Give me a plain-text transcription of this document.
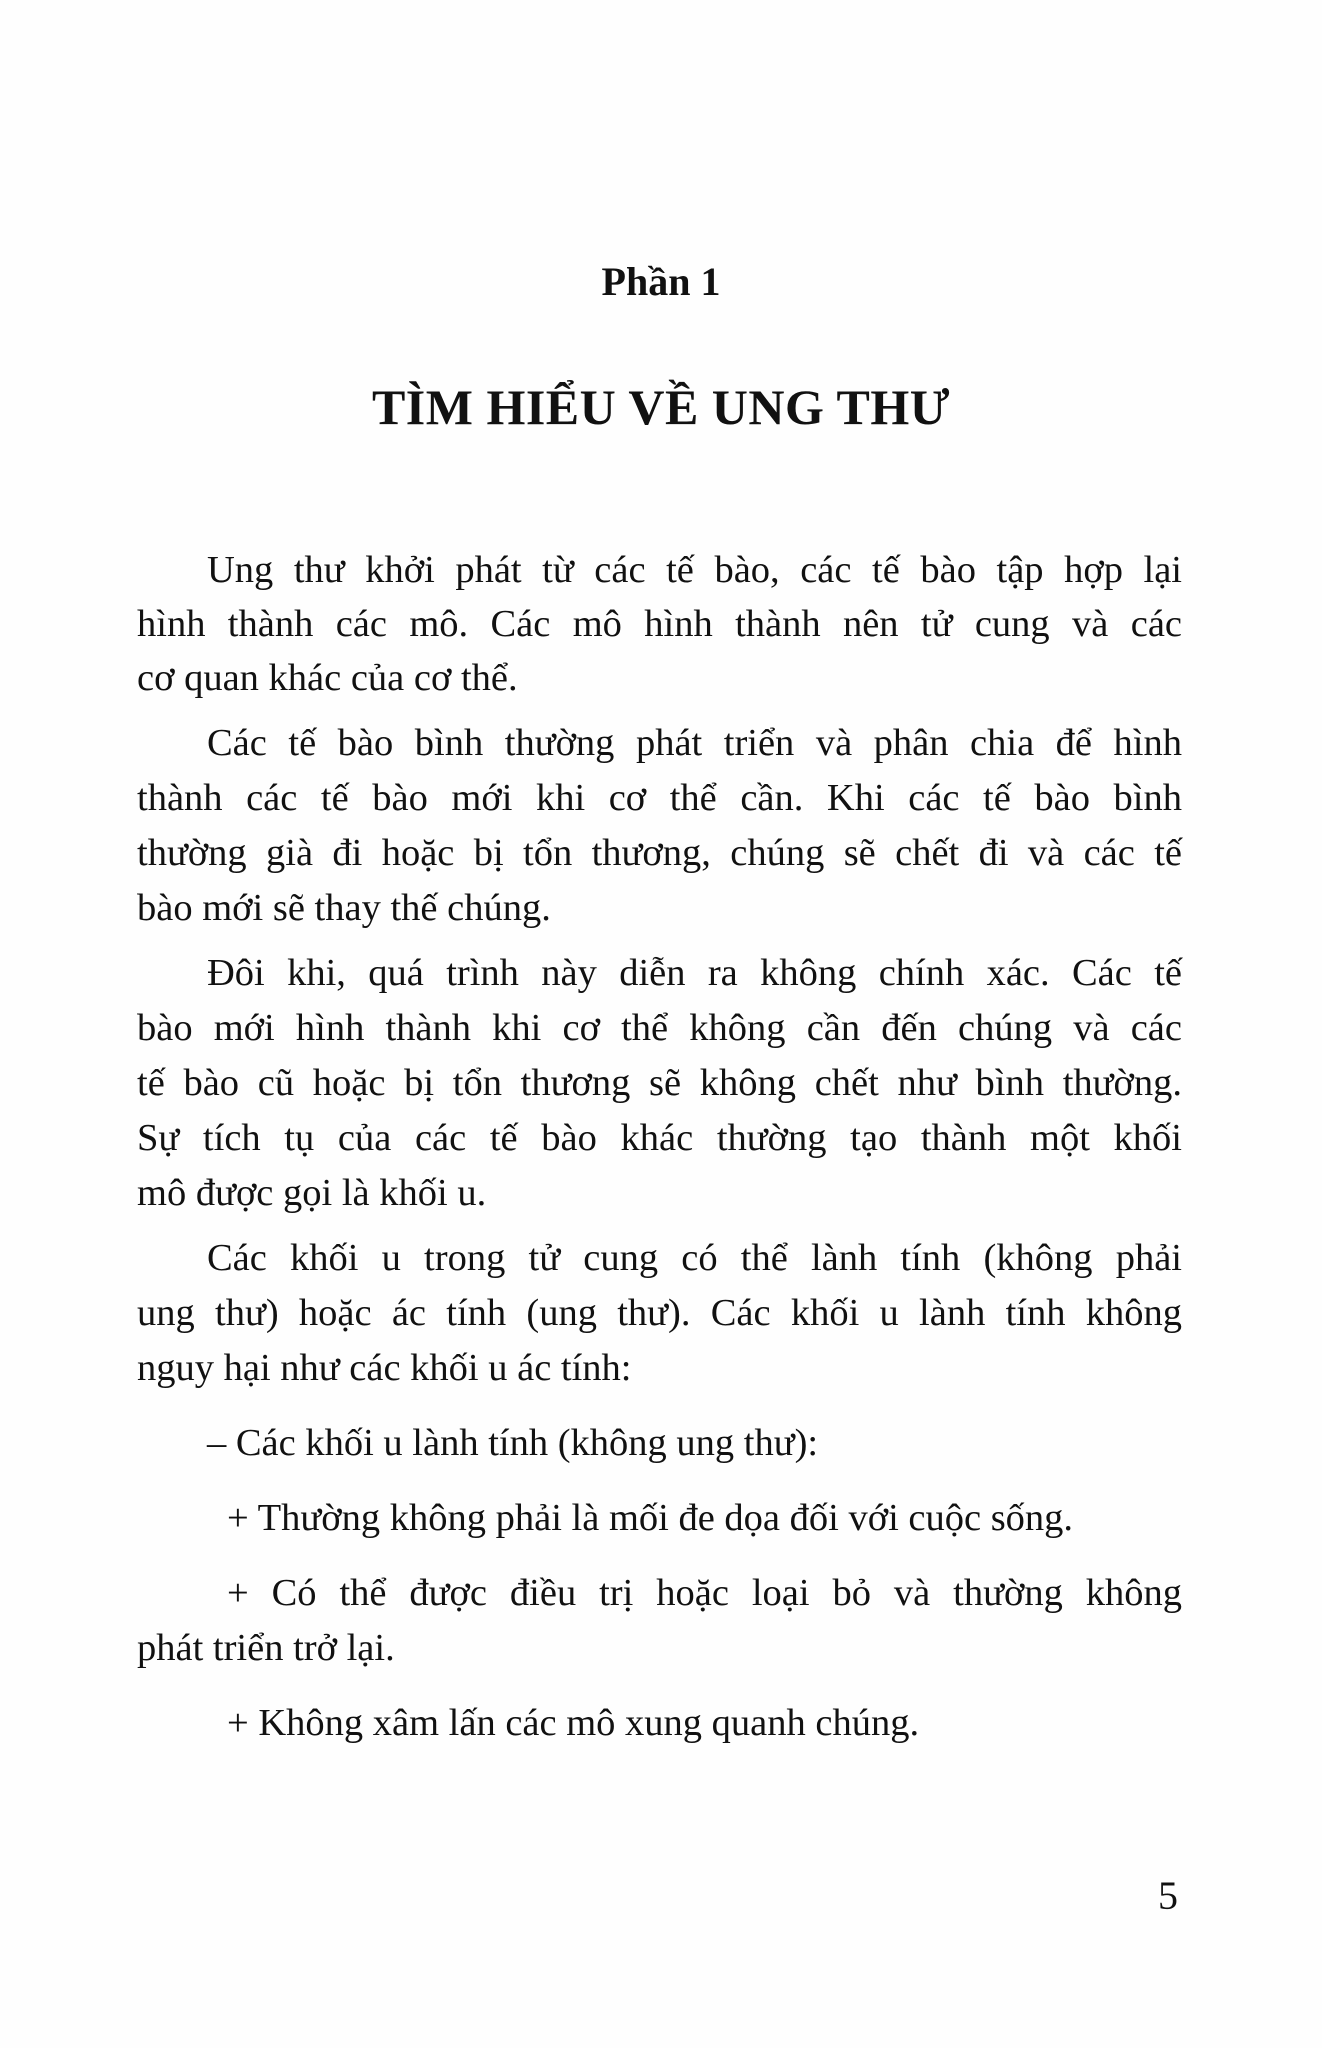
Phần 1
TÌM HIỂU VỀ UNG THƯ
Ung thư khởi phát từ các tế bào, các tế bào tập hợp lại
hình thành các mô. Các mô hình thành nên tử cung và các
cơ quan khác của cơ thể.
Các tế bào bình thường phát triển và phân chia để hình
thành các tế bào mới khi cơ thể cần. Khi các tế bào bình
thường già đi hoặc bị tổn thương, chúng sẽ chết đi và các tế
bào mới sẽ thay thế chúng.
Đôi khi, quá trình này diễn ra không chính xác. Các tế
bào mới hình thành khi cơ thể không cần đến chúng và các
tế bào cũ hoặc bị tổn thương sẽ không chết như bình thường.
Sự tích tụ của các tế bào khác thường tạo thành một khối
mô được gọi là khối u.
Các khối u trong tử cung có thể lành tính (không phải
ung thư) hoặc ác tính (ung thư). Các khối u lành tính không
nguy hại như các khối u ác tính:
– Các khối u lành tính (không ung thư):
+ Thường không phải là mối đe dọa đối với cuộc sống.
+ Có thể được điều trị hoặc loại bỏ và thường không
phát triển trở lại.
+ Không xâm lấn các mô xung quanh chúng.
5
